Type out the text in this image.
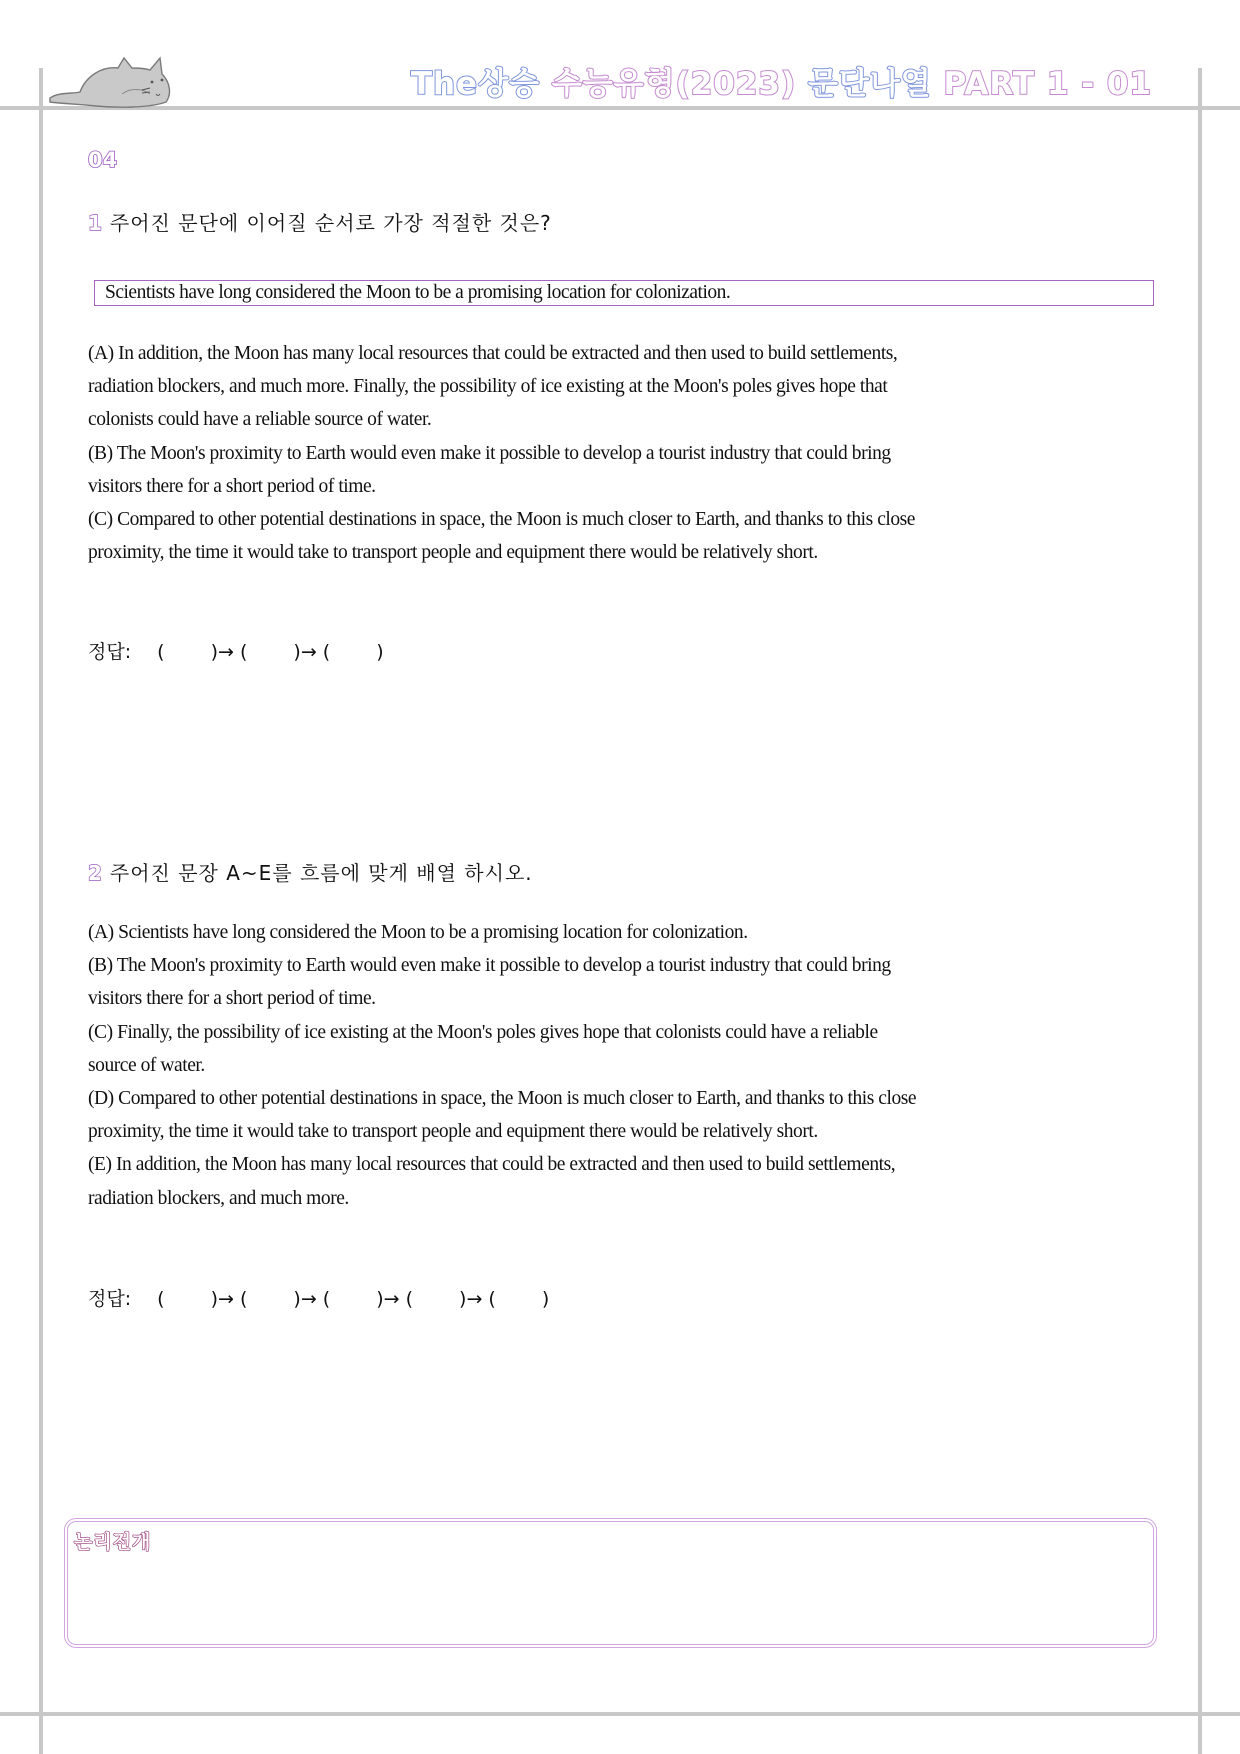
The상승 수능유형(2023) 문단나열 PART 1 - 01
04
1 주어진 문단에 이어질 순서로 가장 적절한 것은?
Scientists have long considered the Moon to be a promising location for colonization.

(A) In addition, the Moon has many local resources that could be extracted and then used to build settlements, radiation blockers, and much more. Finally, the possibility of ice existing at the Moon's poles gives hope that colonists could have a reliable source of water.

(B) The Moon's proximity to Earth would even make it possible to develop a tourist industry that could bring visitors there for a short period of time.

(C) Compared to other potential destinations in space, the Moon is much closer to Earth, and thanks to this close proximity, the time it would take to transport people and equipment there would be relatively short.

정답: ( )→ ( )→ ( )
2 주어진 문장 A~E를 흐름에 맞게 배열 하시오.

(A) Scientists have long considered the Moon to be a promising location for colonization.

(B) The Moon's proximity to Earth would even make it possible to develop a tourist industry that could bring visitors there for a short period of time.

(C) Finally, the possibility of ice existing at the Moon's poles gives hope that colonists could have a reliable source of water.

(D) Compared to other potential destinations in space, the Moon is much closer to Earth, and thanks to this close proximity, the time it would take to transport people and equipment there would be relatively short.

(E) In addition, the Moon has many local resources that could be extracted and then used to build settlements, radiation blockers, and much more.

정답: ( )→ ( )→ ( )→ ( )→ ( )
논리전개
